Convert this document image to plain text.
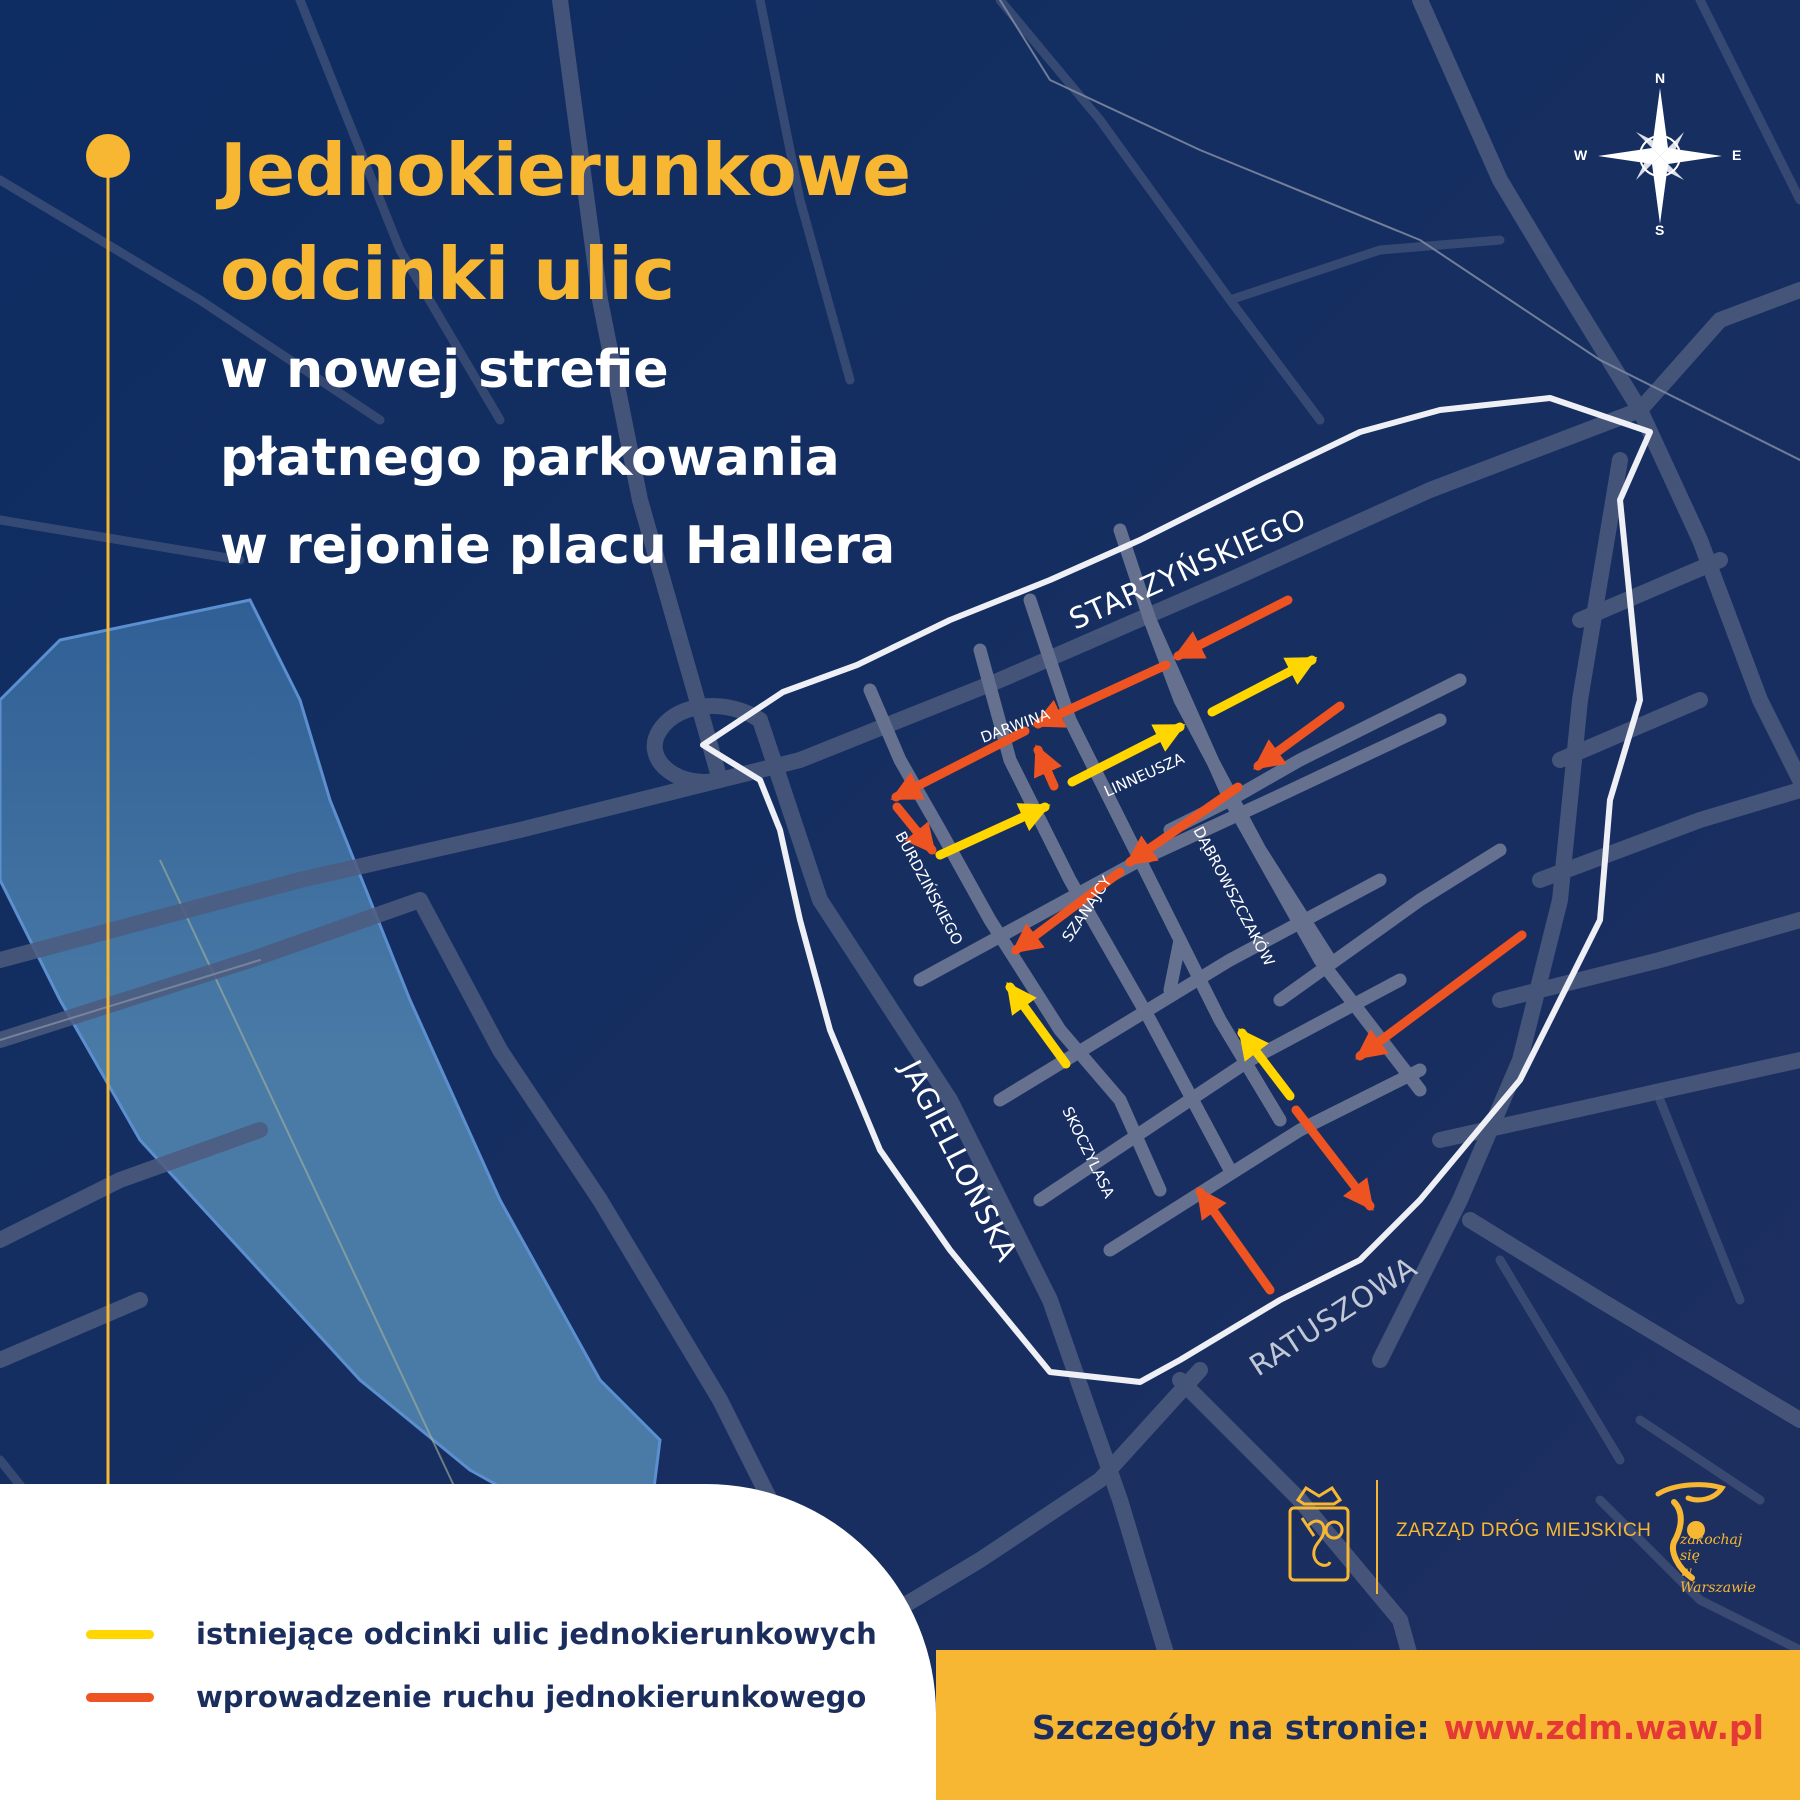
STARZYŃSKIEGO
DARWINA
LINNEUSZA
BURDZIŃSKIEGO	SZANAJCY	DĄBROWSZCZAKÓW
JAGIELLOŃSKA SKOCZYLASA
RATUSZOWA

Jednokierunkowe

odcinki ulic

w nowej strefie

płatnego parkowania

w rejonie placu Hallera

N
S
W	E
istniejące odcinki ulic jednokierunkowych
wprowadzenie ruchu jednokierunkowego
ZARZĄD DRÓG MIEJSKICH zakochaj się
w Warszawie
Szczegóły na stronie: www.zdm.waw.pl
